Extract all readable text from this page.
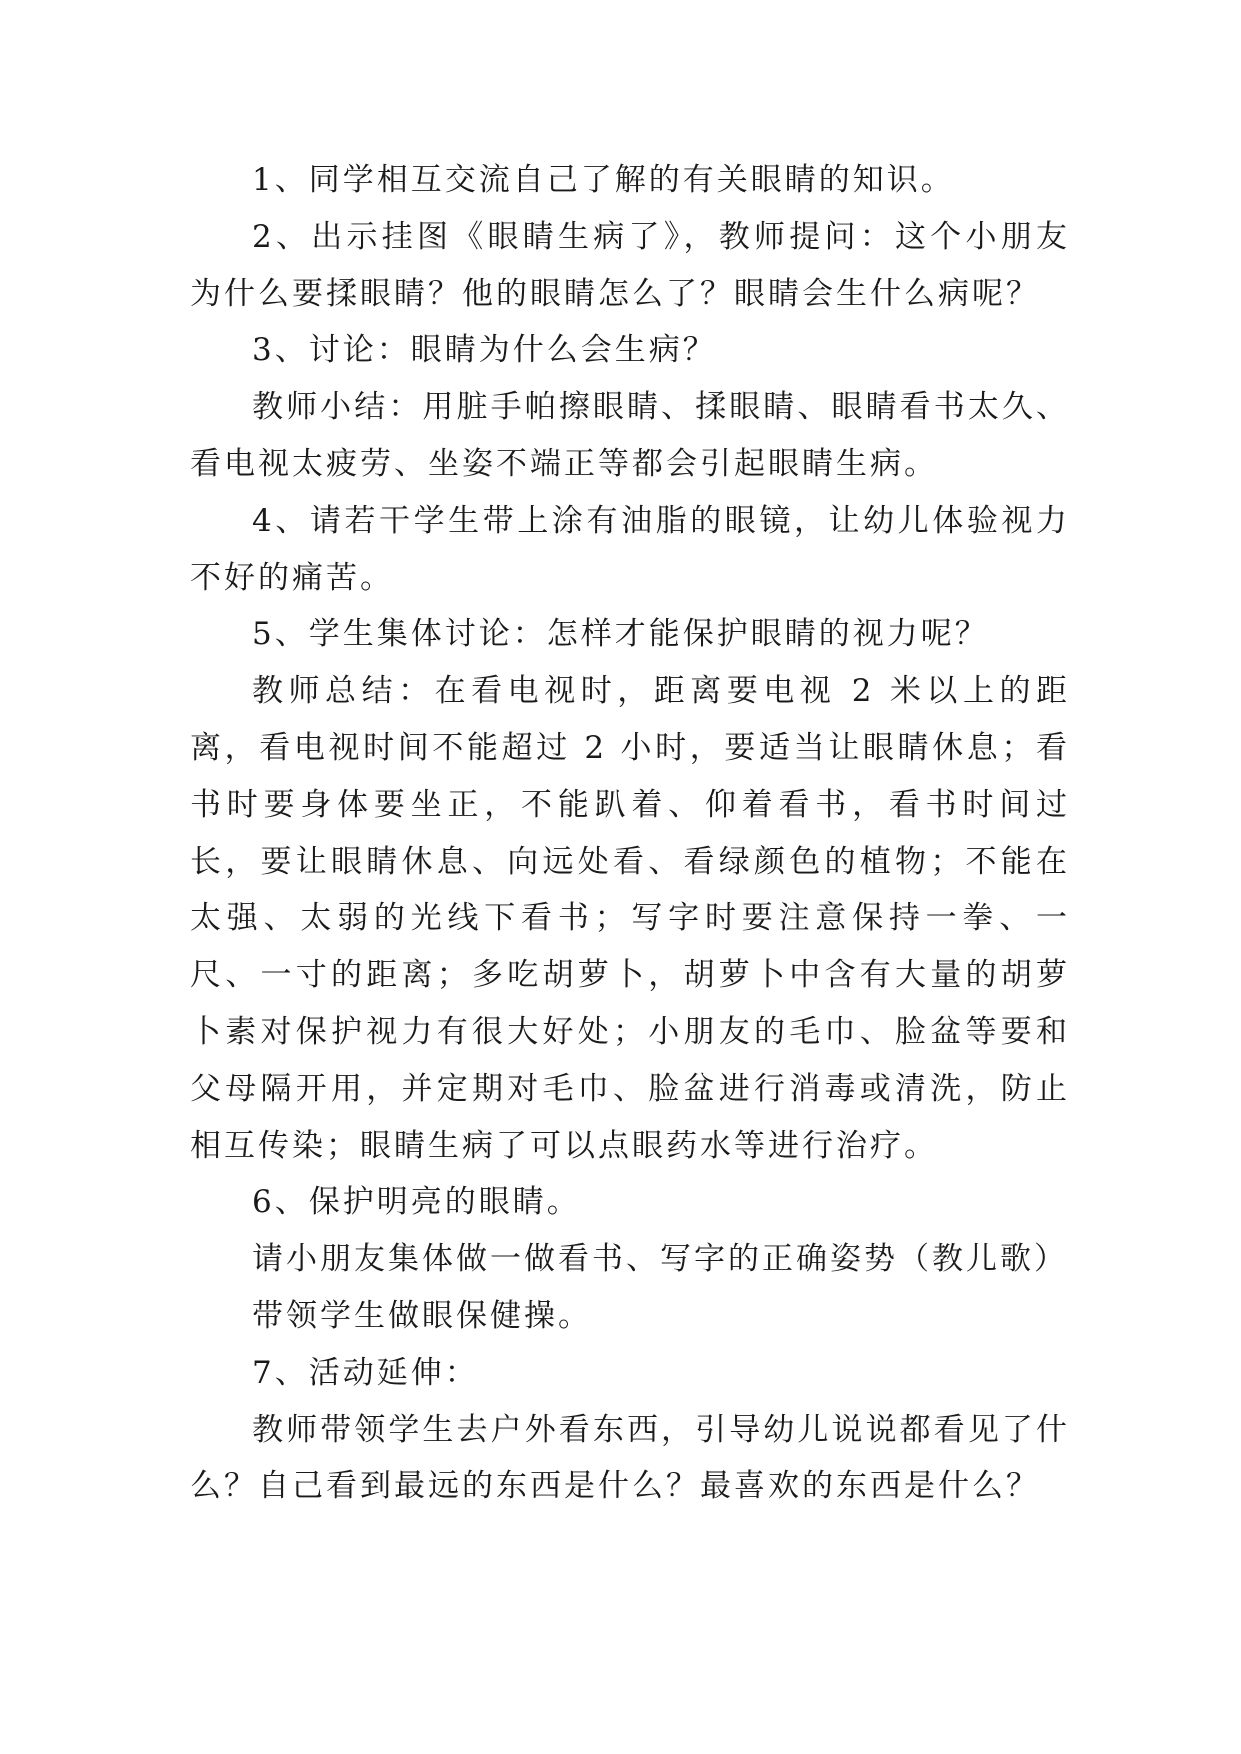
1、同学相互交流自己了解的有关眼睛的知识。

2、出示挂图《眼睛生病了》，教师提问：这个小朋友为什么要揉眼睛？他的眼睛怎么了？眼睛会生什么病呢？

3、讨论：眼睛为什么会生病？

教师小结：用脏手帕擦眼睛、揉眼睛、眼睛看书太久、看电视太疲劳、坐姿不端正等都会引起眼睛生病。

4、请若干学生带上涂有油脂的眼镜，让幼儿体验视力不好的痛苦。

5、学生集体讨论：怎样才能保护眼睛的视力呢？

教师总结：在看电视时，距离要电视 2 米以上的距离，看电视时间不能超过 2 小时，要适当让眼睛休息；看书时要身体要坐正，不能趴着、仰着看书，看书时间过长，要让眼睛休息、向远处看、看绿颜色的植物；不能在太强、太弱的光线下看书；写字时要注意保持一拳、一尺、一寸的距离；多吃胡萝卜，胡萝卜中含有大量的胡萝卜素对保护视力有很大好处；小朋友的毛巾、脸盆等要和父母隔开用，并定期对毛巾、脸盆进行消毒或清洗，防止相互传染；眼睛生病了可以点眼药水等进行治疗。

6、保护明亮的眼睛。

请小朋友集体做一做看书、写字的正确姿势（教儿歌）

带领学生做眼保健操。

7、活动延伸：

教师带领学生去户外看东西，引导幼儿说说都看见了什么？自己看到最远的东西是什么？最喜欢的东西是什么？
